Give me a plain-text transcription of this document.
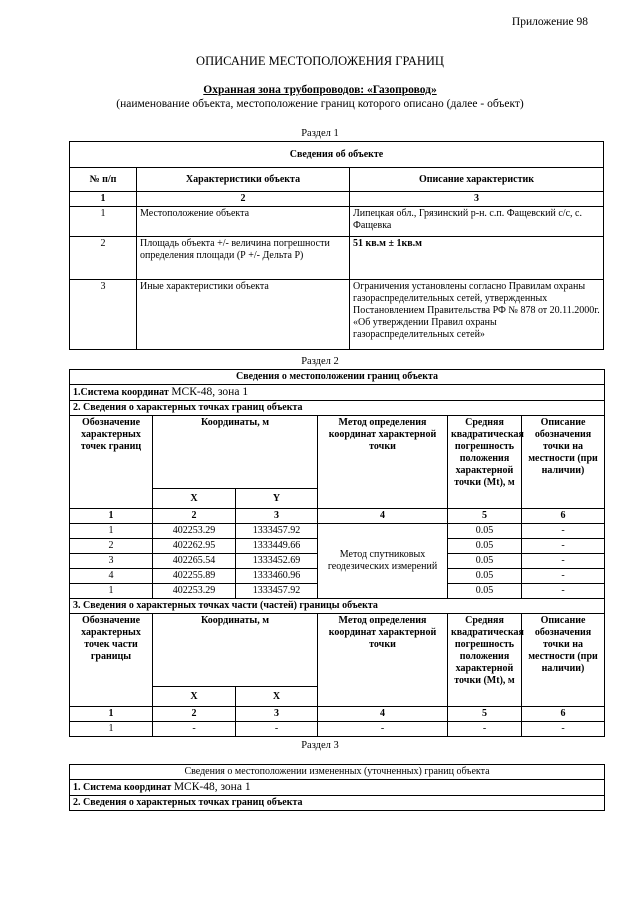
Приложение 98
ОПИСАНИЕ МЕСТОПОЛОЖЕНИЯ ГРАНИЦ
Охранная зона трубопроводов: «Газопровод»
(наименование объекта, местоположение границ которого описано (далее - объект)
Раздел 1
Сведения об объекте		
№ п/п	Характеристики объекта	Описание характеристик
1	2	3
1	Местоположение объекта	Липецкая обл., Грязинский р-н. с.п. Фащевский с/с, с. Фащевка
2	Площадь объекта +/- величина погрешности определения площади (Р +/- Дельта Р)	51 кв.м ± 1кв.м
3	Иные характеристики объекта	Ограничения установлены согласно Правилам охраны газораспределительных сетей, утвержденных Постановлением Правительства РФ № 878 от 20.11.2000г. «Об утверждении Правил охраны газораспределительных сетей»
Раздел 2
Сведения о местоположении границ объекта					
1.Система координат МСК-48, зона 1					
2. Сведения о характерных точках границ объекта					
Обозначение характерных точек границ	Координаты, м		Метод определения координат характерной точки	Средняя квадратическая погрешность положения характерной точки (Mt), м	Описание обозначения точки на местности (при наличии)
	X	Y			
1	2	3	4	5	6
1	402253.29	1333457.92	Метод спутниковых геодезических измерений	0.05	-
2	402262.95	1333449.66		0.05	-
3	402265.54	1333452.69		0.05	-
4	402255.89	1333460.96		0.05	-
1	402253.29	1333457.92		0.05	-
3. Сведения о характерных точках части (частей) границы объекта					
Обозначение характерных точек части границы	Координаты, м		Метод определения координат характерной точки	Средняя квадратическая погрешность положения характерной точки (Mt), м	Описание обозначения точки на местности (при наличии)
	X	X			
1	2	3	4	5	6
1	-	-	-	-	-
Раздел 3
Сведения о местоположении измененных (уточненных) границ объекта
1. Система координат МСК-48, зона 1
2. Сведения о характерных точках границ объекта
